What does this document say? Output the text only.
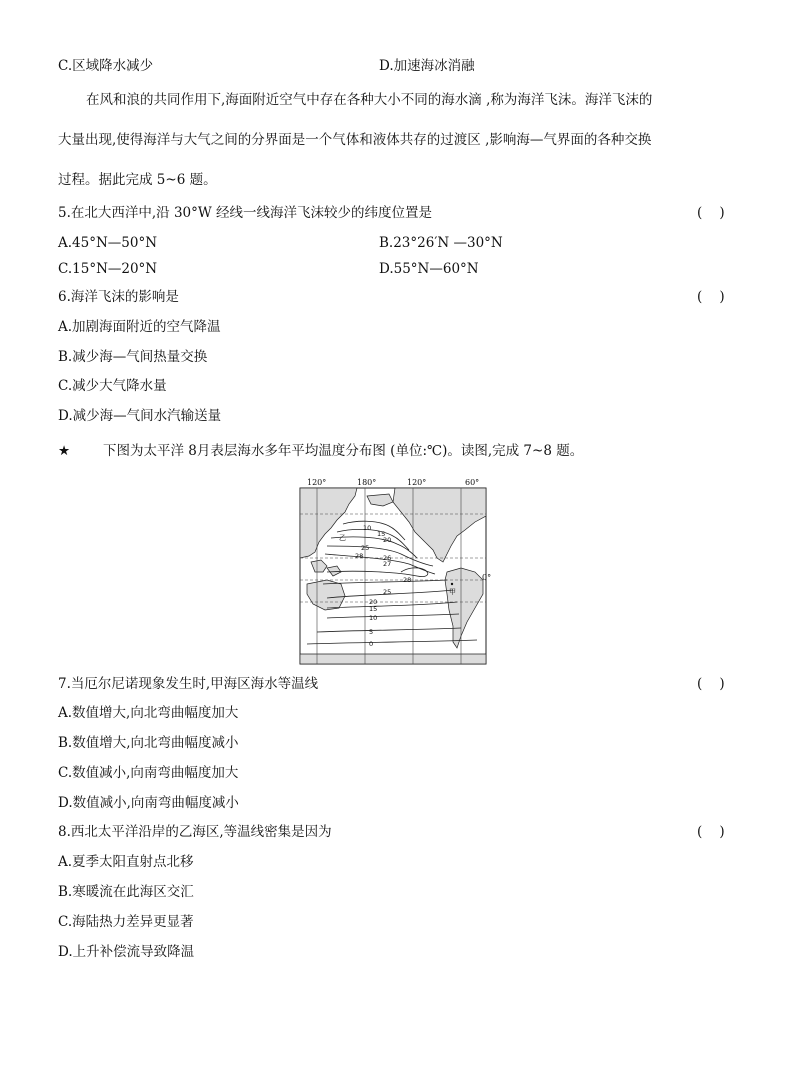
C.区域降水减少	D.加速海冰消融
在风和浪的共同作用下,海面附近空气中存在各种大小不同的海水滴 ,称为海洋飞沫。海洋飞沫的
大量出现,使得海洋与大气之间的分界面是一个气体和液体共存的过渡区 ,影响海—气界面的各种交换
过程。据此完成 5~6 题。
5.在北大西洋中,沿 30°W 经线一线海洋飞沫较少的纬度位置是	(    )
A.45°N—50°N	B.23°26′N —30°N
C.15°N—20°N	D.55°N—60°N
6.海洋飞沫的影响是	(    )
A.加剧海面附近的空气降温
B.减少海—气间热量交换
C.减少大气降水量
D.减少海—气间水汽输送量
★ 下图为太平洋 8月表层海水多年平均温度分布图 (单位:℃)。读图,完成 7~8 题。
120°	180°	120°	60°
10
15
20
25
28	26
27
28
25
20
15
10
5
0
乙
甲
0°
7.当厄尔尼诺现象发生时,甲海区海水等温线	(    )
A.数值增大,向北弯曲幅度加大
B.数值增大,向北弯曲幅度减小
C.数值减小,向南弯曲幅度加大
D.数值减小,向南弯曲幅度减小
8.西北太平洋沿岸的乙海区,等温线密集是因为	(    )
A.夏季太阳直射点北移
B.寒暖流在此海区交汇
C.海陆热力差异更显著
D.上升补偿流导致降温
